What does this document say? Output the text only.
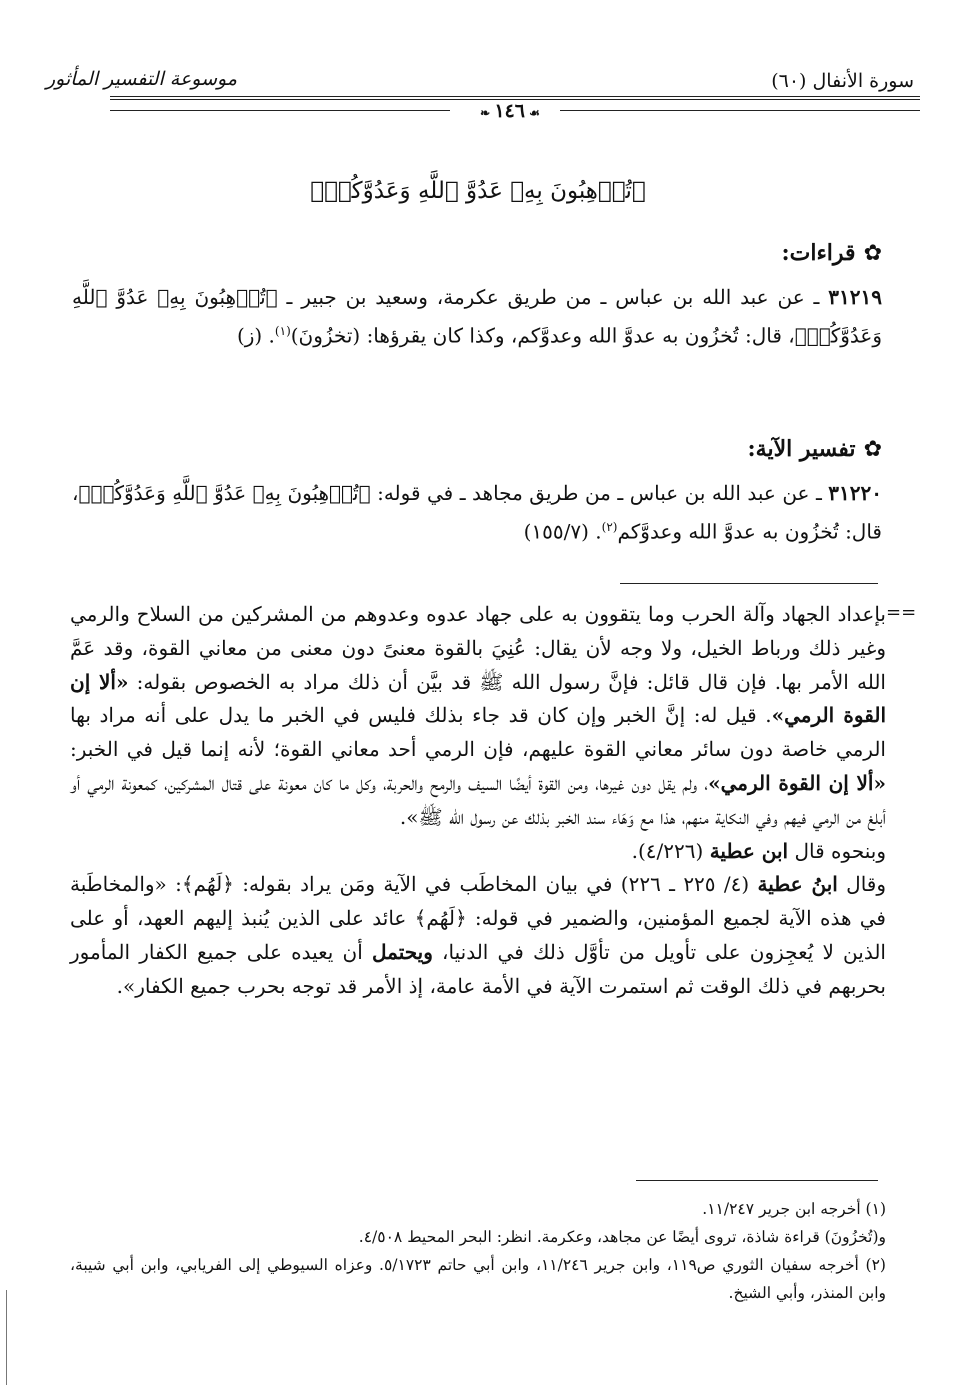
سورة الأنفال (٦٠)
موسوعة التفسير المأثور
❧ ١٤٦ ☙
﴿تُرۡهِبُونَ بِهِۦ عَدُوَّ ٱللَّهِ وَعَدُوَّكُمۡ﴾
✿قراءات:
٣١٢١٩ ـ عن عبد الله بن عباس ـ من طريق عكرمة، وسعيد بن جبير ـ ﴿تُرۡهِبُونَ بِهِۦ عَدُوَّ ٱللَّهِ وَعَدُوَّكُمۡ﴾، قال: تُخزُون به عدوَّ الله وعدوَّكم، وكذا كان يقرؤها: (تخزُونَ)$^{(١)}$. (ز)
✿تفسير الآية:
٣١٢٢٠ ـ عن عبد الله بن عباس ـ من طريق مجاهد ـ في قوله: ﴿تُرۡهِبُونَ بِهِۦ عَدُوَّ ٱللَّهِ وَعَدُوَّكُمۡ﴾، قال: تُخزُون به عدوَّ الله وعدوَّكم$^{(٢)}$. (١٥٥/٧)
==
بإعداد الجهاد وآلة الحرب وما يتقوون به على جهاد عدوه وعدوهم من المشركين من السلاح والرمي وغير ذلك ورباط الخيل، ولا وجه لأن يقال: عُنِيَ بالقوة معنىً دون معنى من معاني القوة، وقد عَمَّ الله الأمر بها. فإن قال قائل: فإنَّ رسول الله ﷺ قد بيَّن أن ذلك مراد به الخصوص بقوله: «ألا إن القوة الرمي». قيل له: إنَّ الخبر وإن كان قد جاء بذلك فليس في الخبر ما يدل على أنه مراد بها الرمي خاصة دون سائر معاني القوة عليهم، فإن الرمي أحد معاني القوة؛ لأنه إنما قيل في الخبر: «ألا إن القوة الرمي»، ولم يقل دون غيرها، ومن القوة أيضًا السيف والرمح والحربة، وكل ما كان معونة على قتال المشركين، كمعونة الرمي أو أبلغ من الرمي فيهم وفي النكاية منهم، هذا مع وَهَاء سند الخبر بذلك عن رسول الله ﷺ».
وبنحوه قال ابن عطية (٤/٢٢٦).
وقال ابنُ عطية (٤/ ٢٢٥ ـ ٢٢٦) في بيان المخاطَب في الآية ومَن يراد بقوله: ﴿لَهُم﴾: «والمخاطَبة في هذه الآية لجميع المؤمنين، والضمير في قوله: ﴿لَهُم﴾ عائد على الذين يُنبذ إليهم العهد، أو على الذين لا يُعجِزون على تأويل من تأوَّل ذلك في الدنيا، ويحتمل أن يعيده على جميع الكفار المأمور بحربهم في ذلك الوقت ثم استمرت الآية في الأمة عامة، إذ الأمر قد توجه بحرب جميع الكفار».
(١) أخرجه ابن جرير ١١/٢٤٧.
و(تُخزُونَ) قراءة شاذة، تروى أيضًا عن مجاهد، وعكرمة. انظر: البحر المحيط ٤/٥٠٨.
(٢) أخرجه سفيان الثوري ص١١٩، وابن جرير ١١/٢٤٦، وابن أبي حاتم ٥/١٧٢٣. وعزاه السيوطي إلى الفريابي، وابن أبي شيبة، وابن المنذر، وأبي الشيخ.
